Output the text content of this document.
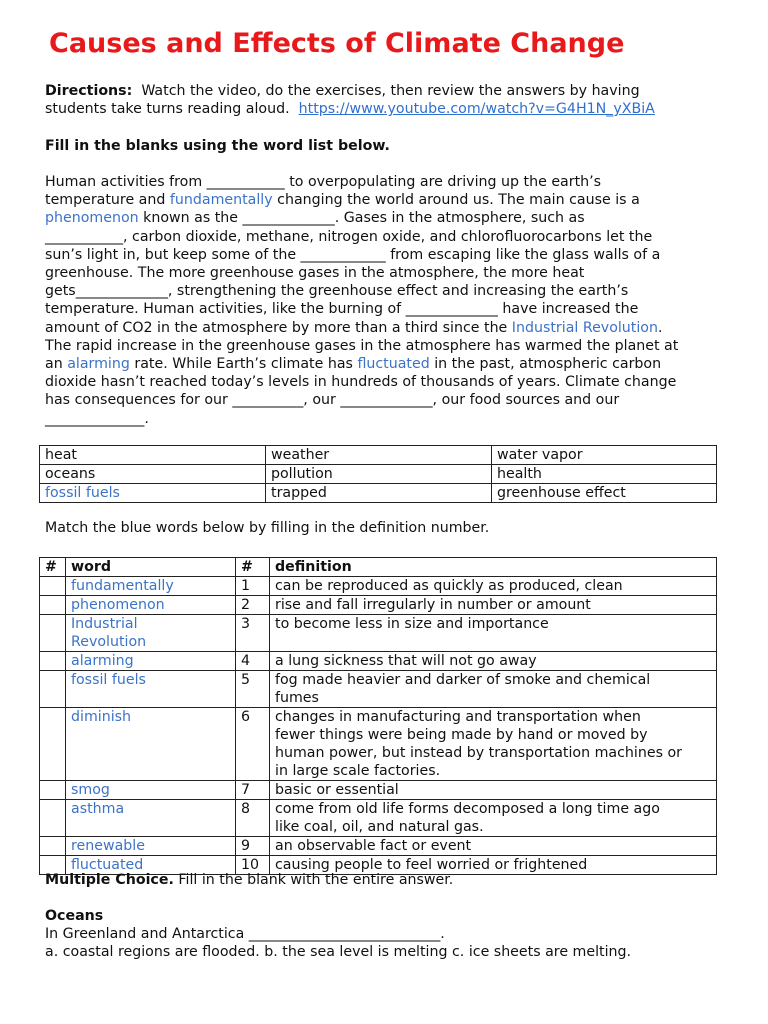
Causes and Effects of Climate Change
Directions: Watch the video, do the exercises, then review the answers by having
students take turns reading aloud. https://www.youtube.com/watch?v=G4H1N_yXBiA
Fill in the blanks using the word list below.
Human activities from ___________ to overpopulating are driving up the earth’s
temperature and fundamentally changing the world around us. The main cause is a
phenomenon known as the _____________. Gases in the atmosphere, such as
___________, carbon dioxide, methane, nitrogen oxide, and chlorofluorocarbons let the
sun’s light in, but keep some of the ____________ from escaping like the glass walls of a
greenhouse. The more greenhouse gases in the atmosphere, the more heat
gets_____________, strengthening the greenhouse effect and increasing the earth’s
temperature. Human activities, like the burning of _____________ have increased the
amount of CO2 in the atmosphere by more than a third since the Industrial Revolution.
The rapid increase in the greenhouse gases in the atmosphere has warmed the planet at
an alarming rate. While Earth’s climate has fluctuated in the past, atmospheric carbon
dioxide hasn’t reached today’s levels in hundreds of thousands of years. Climate change
has consequences for our __________, our _____________, our food sources and our
______________.
heat	weather	water vapor
oceans	pollution	health
fossil fuels	trapped	greenhouse effect
Match the blue words below by filling in the definition number.
#	word	#	definition
	fundamentally	1	can be reproduced as quickly as produced, clean
	phenomenon	2	rise and fall irregularly in number or amount
	Industrial
Revolution	3	to become less in size and importance
	alarming	4	a lung sickness that will not go away
	fossil fuels	5	fog made heavier and darker of smoke and chemical
fumes
	diminish	6	changes in manufacturing and transportation when
fewer things were being made by hand or moved by
human power, but instead by transportation machines or
in large scale factories.
	smog	7	basic or essential
	asthma	8	come from old life forms decomposed a long time ago
like coal, oil, and natural gas.
	renewable	9	an observable fact or event
	fluctuated	10	causing people to feel worried or frightened
Multiple Choice. Fill in the blank with the entire answer.
Oceans
In Greenland and Antarctica ___________________________.
a. coastal regions are flooded. b. the sea level is melting c. ice sheets are melting.
